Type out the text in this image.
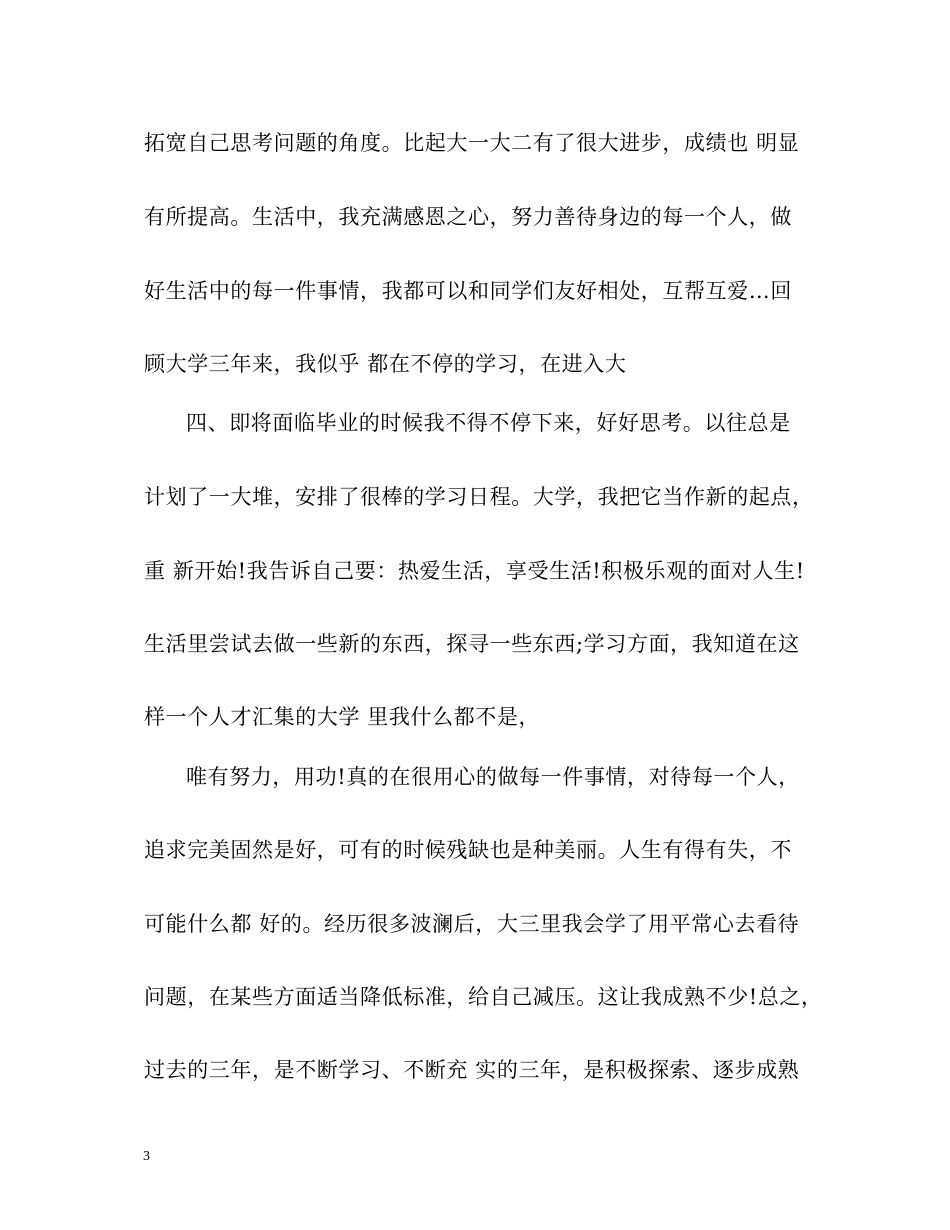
拓宽自己思考问题的角度。比起大一大二有了很大进步，成绩也 明显
有所提高。生活中，我充满感恩之心，努力善待身边的每一个人，做
好生活中的每一件事情，我都可以和同学们友好相处，互帮互爱…回
顾大学三年来，我似乎 都在不停的学习，在进入大
四、即将面临毕业的时候我不得不停下来，好好思考。以往总是
计划了一大堆，安排了很棒的学习日程。大学，我把它当作新的起点，
重 新开始!我告诉自己要：热爱生活，享受生活!积极乐观的面对人生!
生活里尝试去做一些新的东西，探寻一些东西;学习方面，我知道在这
样一个人才汇集的大学 里我什么都不是，
唯有努力，用功!真的在很用心的做每一件事情，对待每一个人，
追求完美固然是好，可有的时候残缺也是种美丽。人生有得有失，不
可能什么都 好的。经历很多波澜后，大三里我会学了用平常心去看待
问题，在某些方面适当降低标准，给自己减压。这让我成熟不少!总之，
过去的三年，是不断学习、不断充 实的三年，是积极探索、逐步成熟
3
